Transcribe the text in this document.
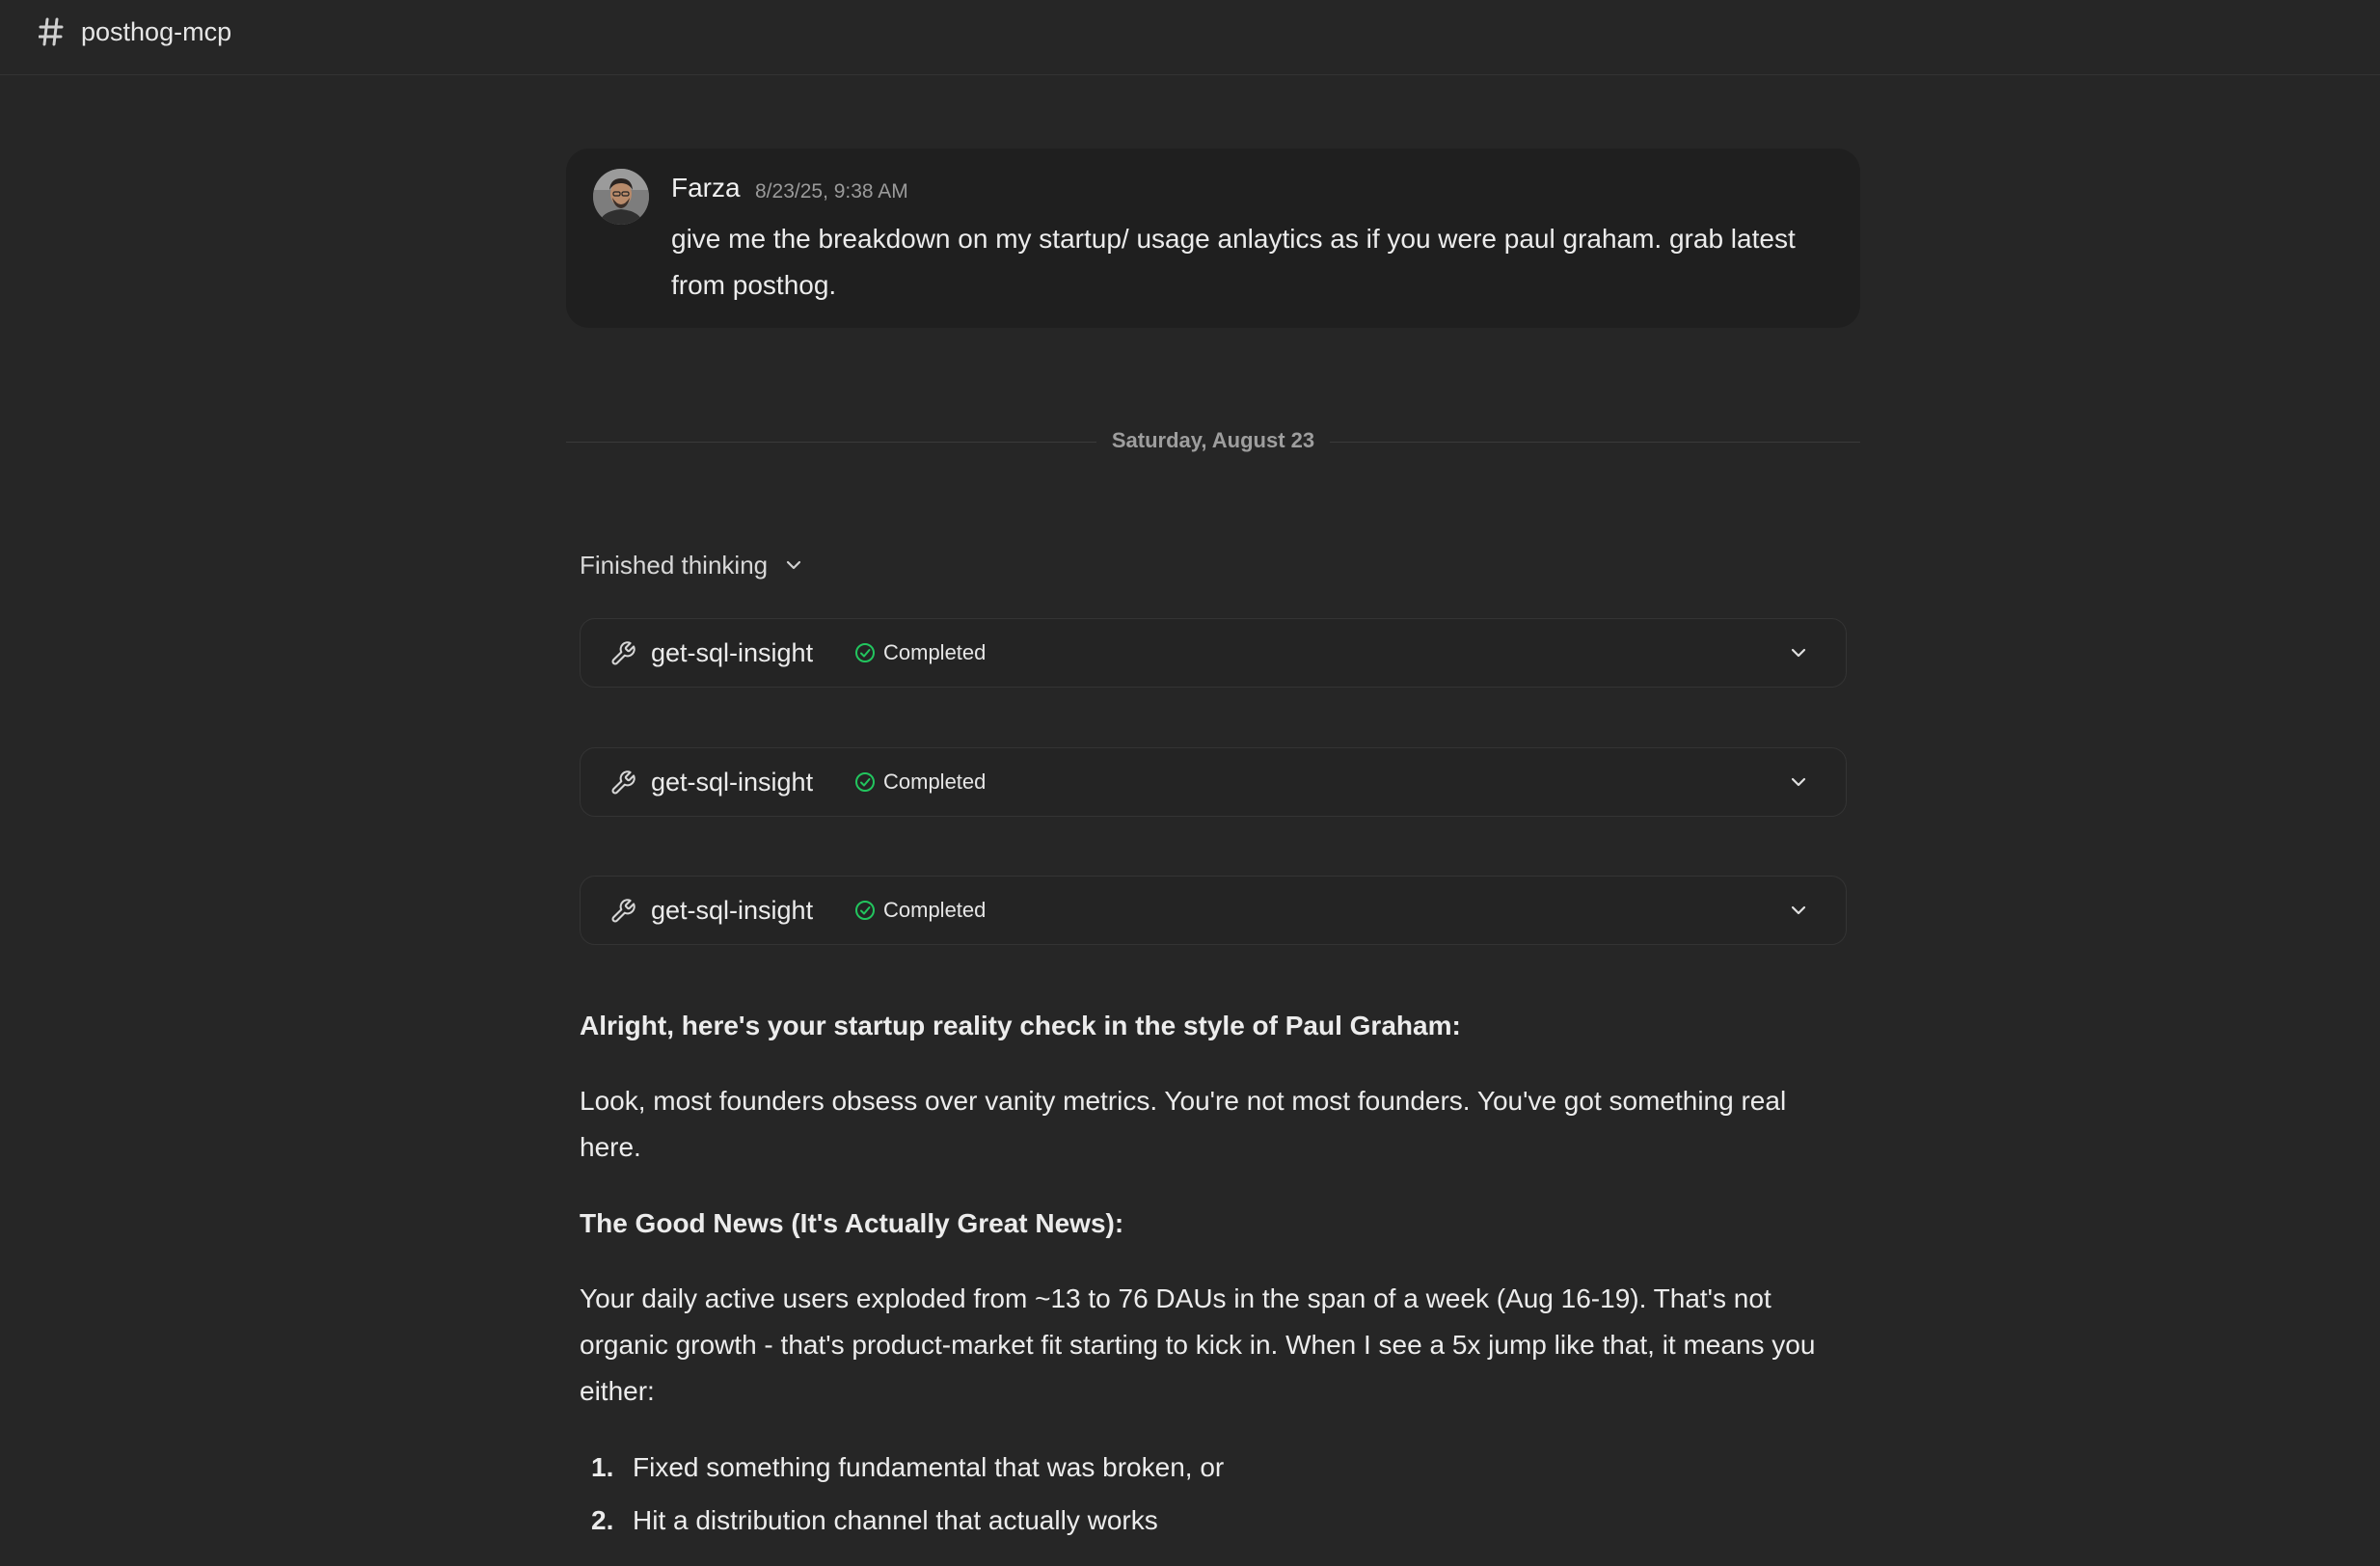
posthog-mcp
Farza 8/23/25, 9:38 AM
give me the breakdown on my startup/ usage anlaytics as if you were paul graham. grab latest from posthog.
Saturday, August 23
Finished thinking
get-sql-insight	Completed
get-sql-insight	Completed
get-sql-insight	Completed

Alright, here's your startup reality check in the style of Paul Graham:

Look, most founders obsess over vanity metrics. You're not most founders. You've got something real here.

The Good News (It's Actually Great News):

Your daily active users exploded from ~13 to 76 DAUs in the span of a week (Aug 16-19). That's not organic growth - that's product-market fit starting to kick in. When I see a 5x jump like that, it means you either:

1. Fixed something fundamental that was broken, or
2. Hit a distribution channel that actually works
